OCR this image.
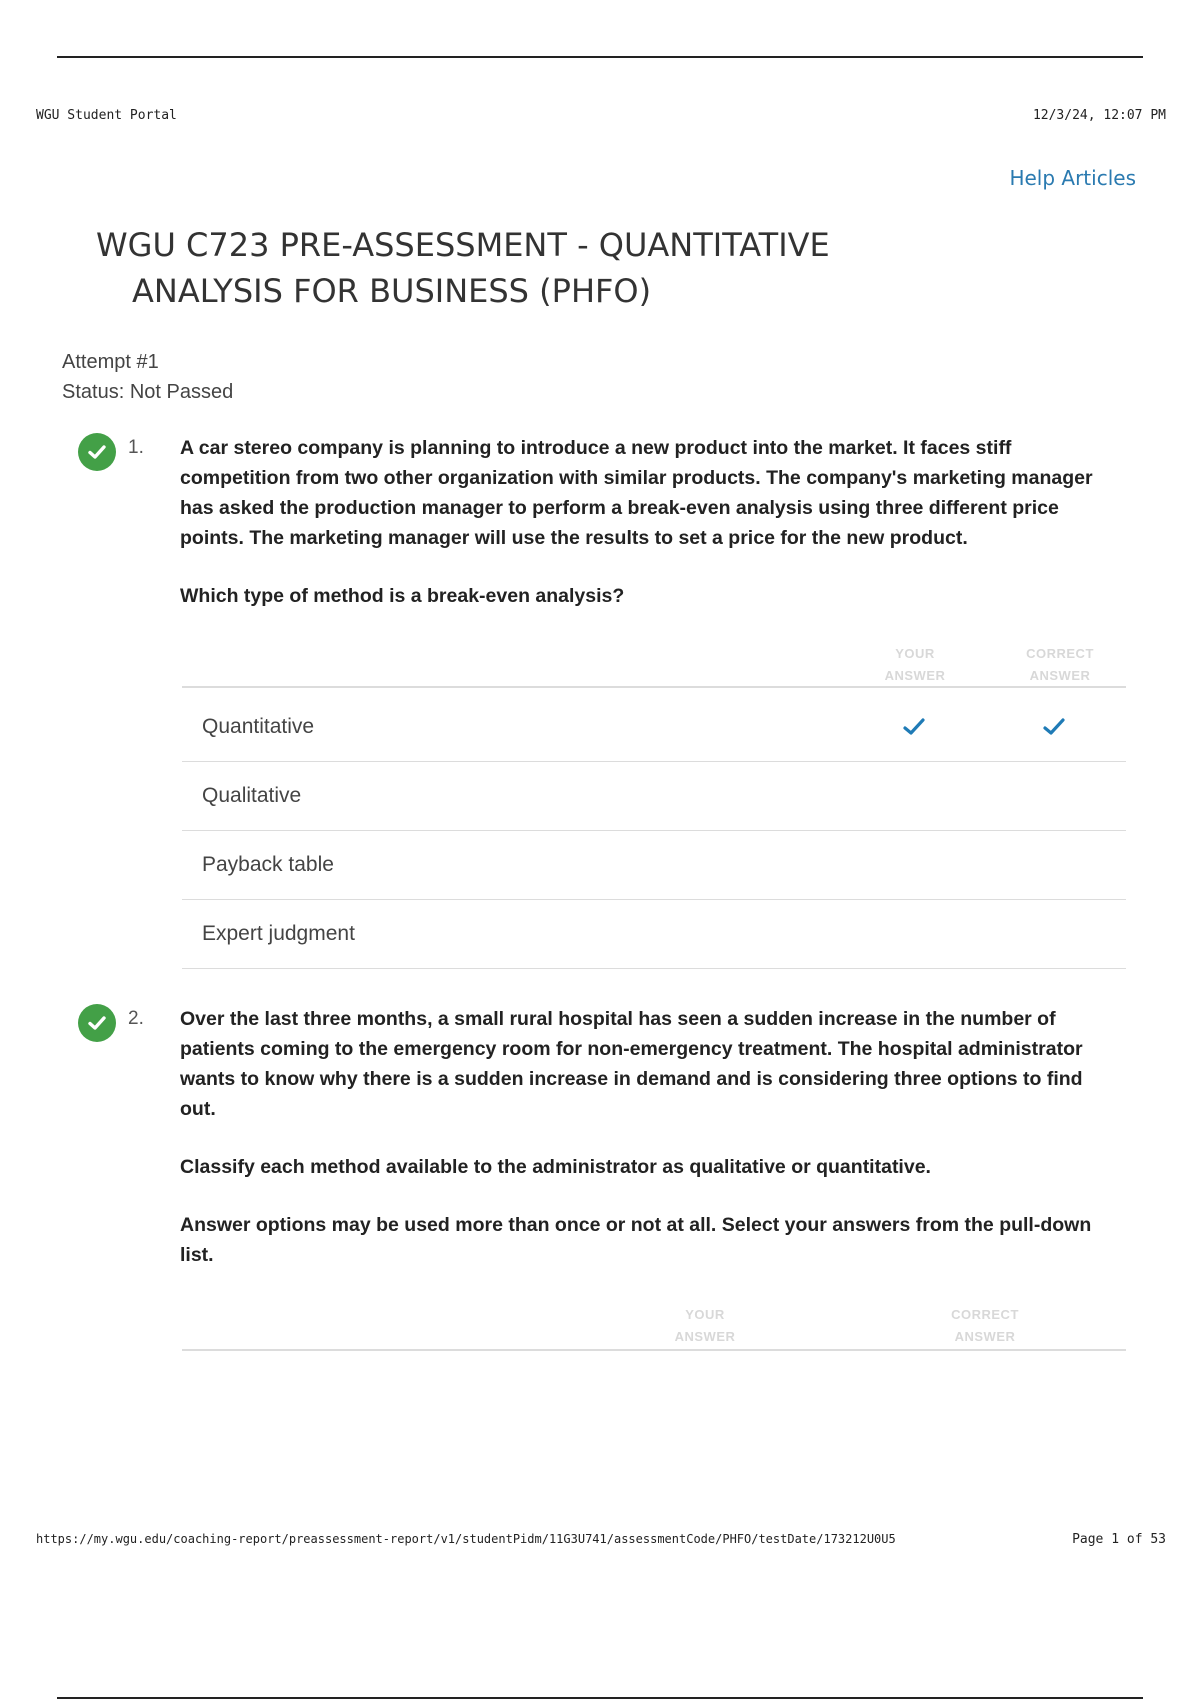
WGU Student Portal	12/3/24, 12:07 PM
Help Articles
WGU C723 PRE-ASSESSMENT - QUANTITATIVE
ANALYSIS FOR BUSINESS (PHFO)
Attempt #1
Status: Not Passed
1. A car stereo company is planning to introduce a new product into the market. It faces stiff competition from two other organization with similar products. The company's marketing manager has asked the production manager to perform a break-even analysis using three different price points. The marketing manager will use the results to set a price for the new product.

Which type of method is a break-even analysis?

YOUR ANSWER
CORRECT ANSWER
Quantitative
Qualitative
Payback table
Expert judgment
2. Over the last three months, a small rural hospital has seen a sudden increase in the number of patients coming to the emergency room for non-emergency treatment. The hospital administrator wants to know why there is a sudden increase in demand and is considering three options to find out.

Classify each method available to the administrator as qualitative or quantitative.

Answer options may be used more than once or not at all. Select your answers from the pull-down list.

YOUR ANSWER
CORRECT ANSWER
https://my.wgu.edu/coaching-report/preassessment-report/v1/studentPidm/11G3U741/assessmentCode/PHFO/testDate/173212U0U5	Page 1 of 53
